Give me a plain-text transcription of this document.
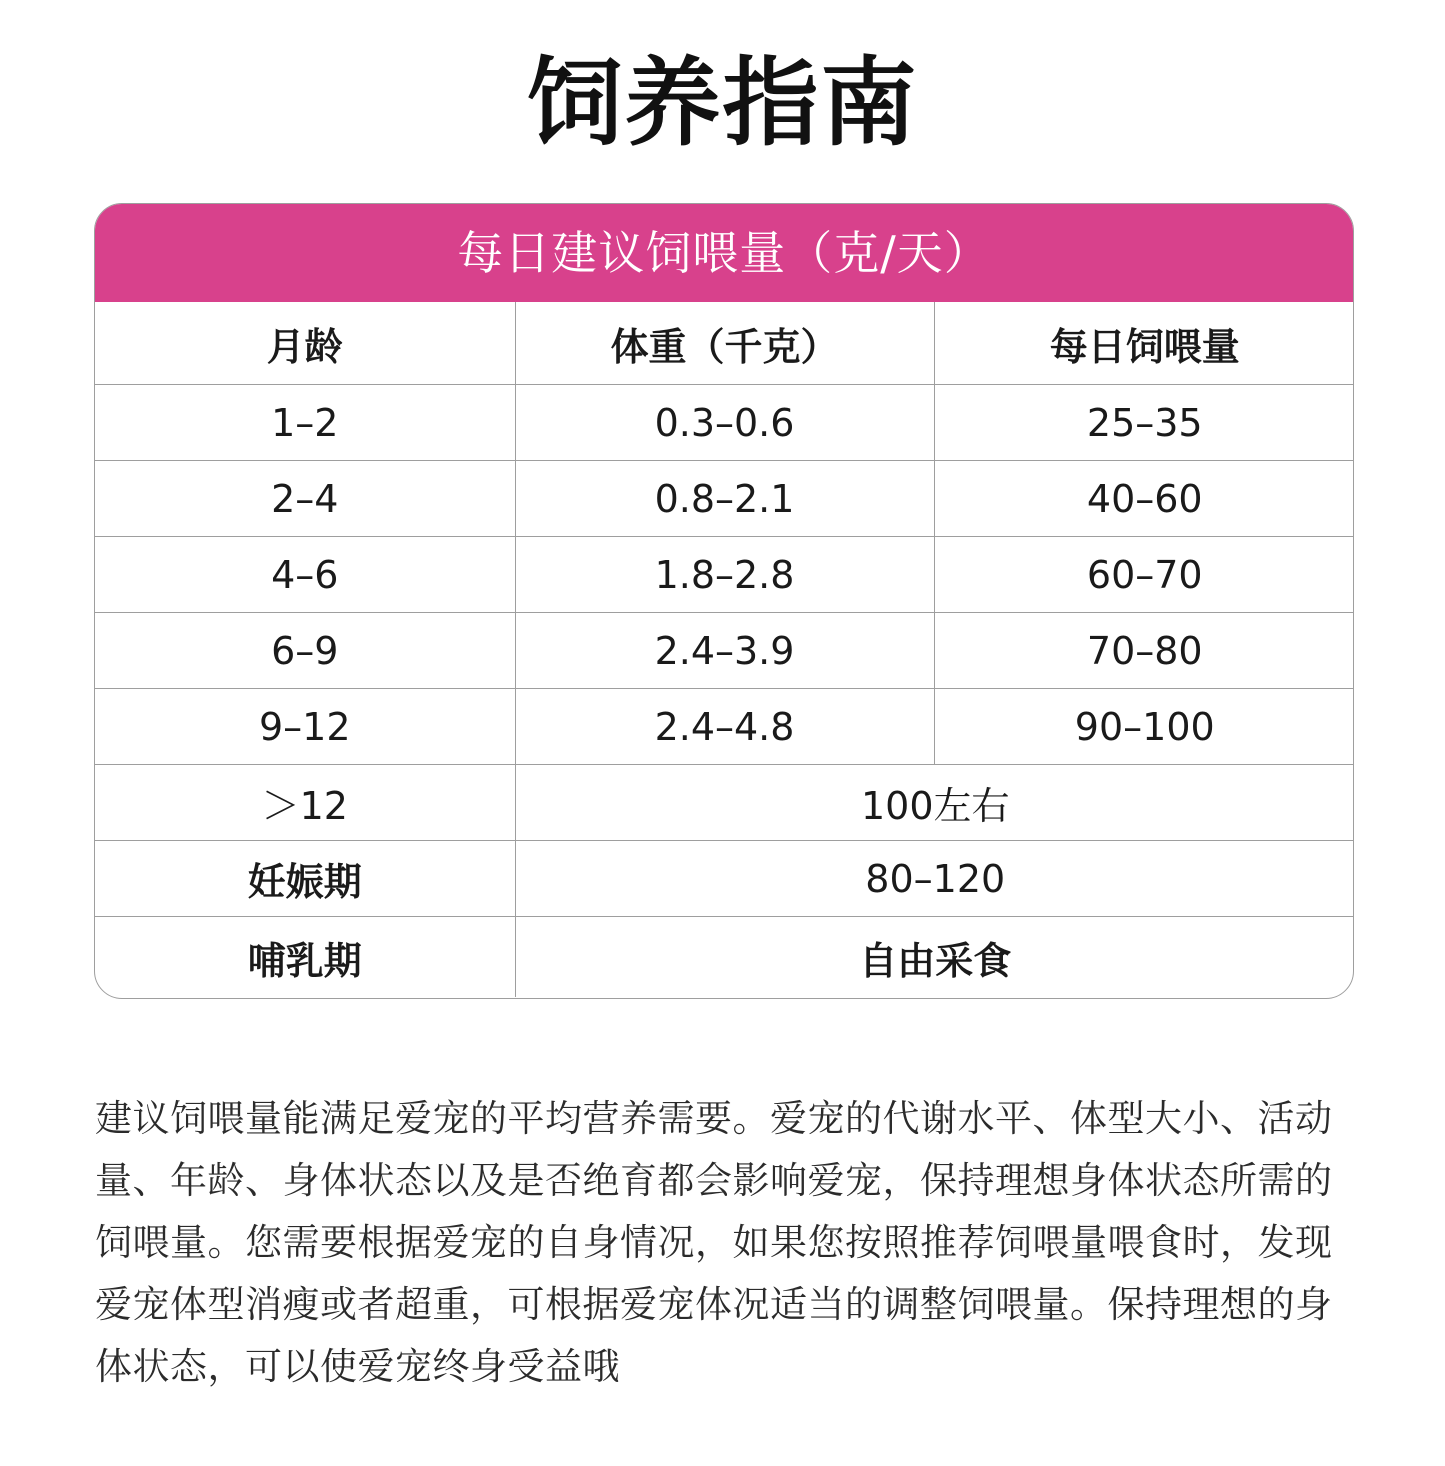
饲养指南
每日建议饲喂量（克/天）
月龄	体重（千克）	每日饲喂量
1–2	0.3–0.6	25–35
2–4	0.8–2.1	40–60
4–6	1.8–2.8	60–70
6–9	2.4–3.9	70–80
9–12	2.4–4.8	90–100
＞12	100左右	
妊娠期	80–120	
哺乳期	自由采食	
建议饲喂量能满足爱宠的平均营养需要。爱宠的代谢水平、体型大小、活动量、年龄、身体状态以及是否绝育都会影响爱宠，保持理想身体状态所需的饲喂量。您需要根据爱宠的自身情况，如果您按照推荐饲喂量喂食时，发现爱宠体型消瘦或者超重，可根据爱宠体况适当的调整饲喂量。保持理想的身体状态，可以使爱宠终身受益哦
